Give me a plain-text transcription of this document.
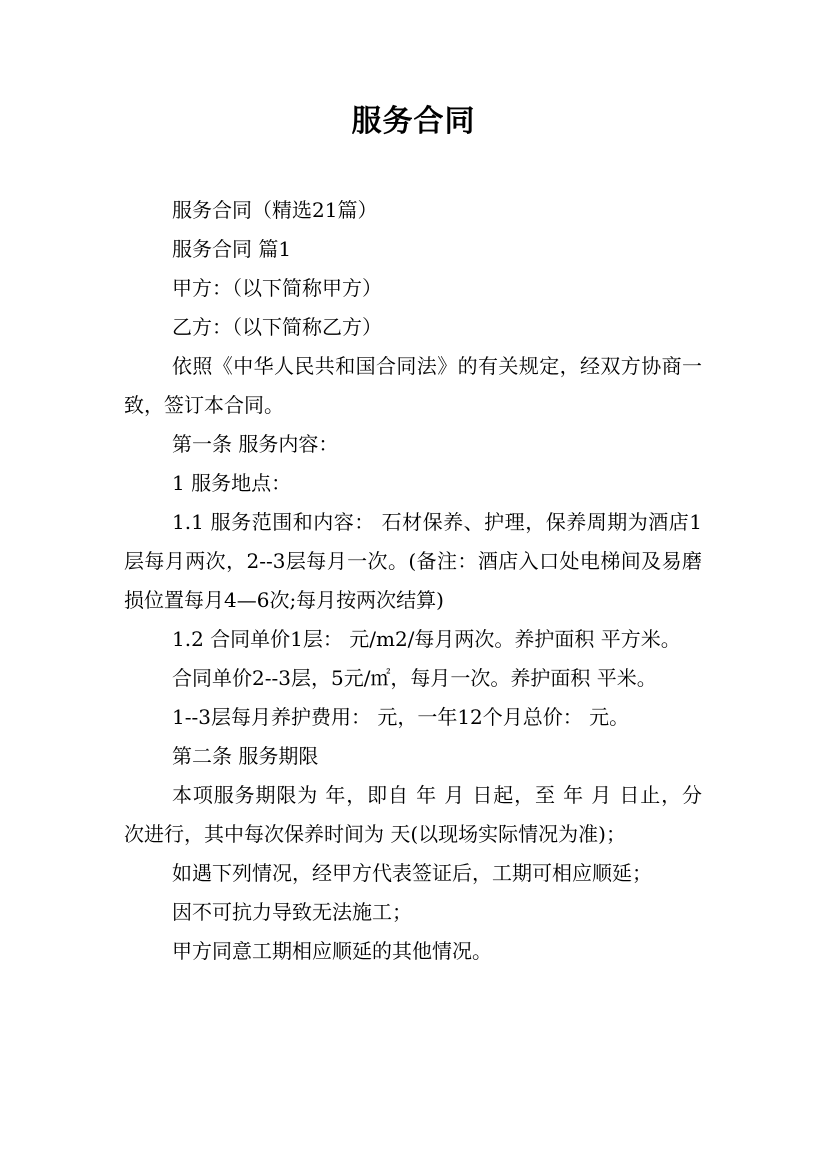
服务合同

服务合同（精选21篇）

服务合同 篇1

甲方：（以下简称甲方）

乙方：（以下简称乙方）

依照《中华人民共和国合同法》的有关规定，经双方协商一致，签订本合同。

第一条 服务内容：

1 服务地点：

1.1 服务范围和内容： 石材保养、护理，保养周期为酒店1层每月两次，2--3层每月一次。(备注：酒店入口处电梯间及易磨损位置每月4—6次;每月按两次结算)

1.2 合同单价1层： 元/m2/每月两次。养护面积 平方米。

合同单价2--3层，5元/㎡，每月一次。养护面积 平米。

1--3层每月养护费用： 元，一年12个月总价： 元。

第二条 服务期限

本项服务期限为 年，即自 年 月 日起，至 年 月 日止，分 次进行，其中每次保养时间为 天(以现场实际情况为准)；

如遇下列情况，经甲方代表签证后，工期可相应顺延；

因不可抗力导致无法施工；

甲方同意工期相应顺延的其他情况。
